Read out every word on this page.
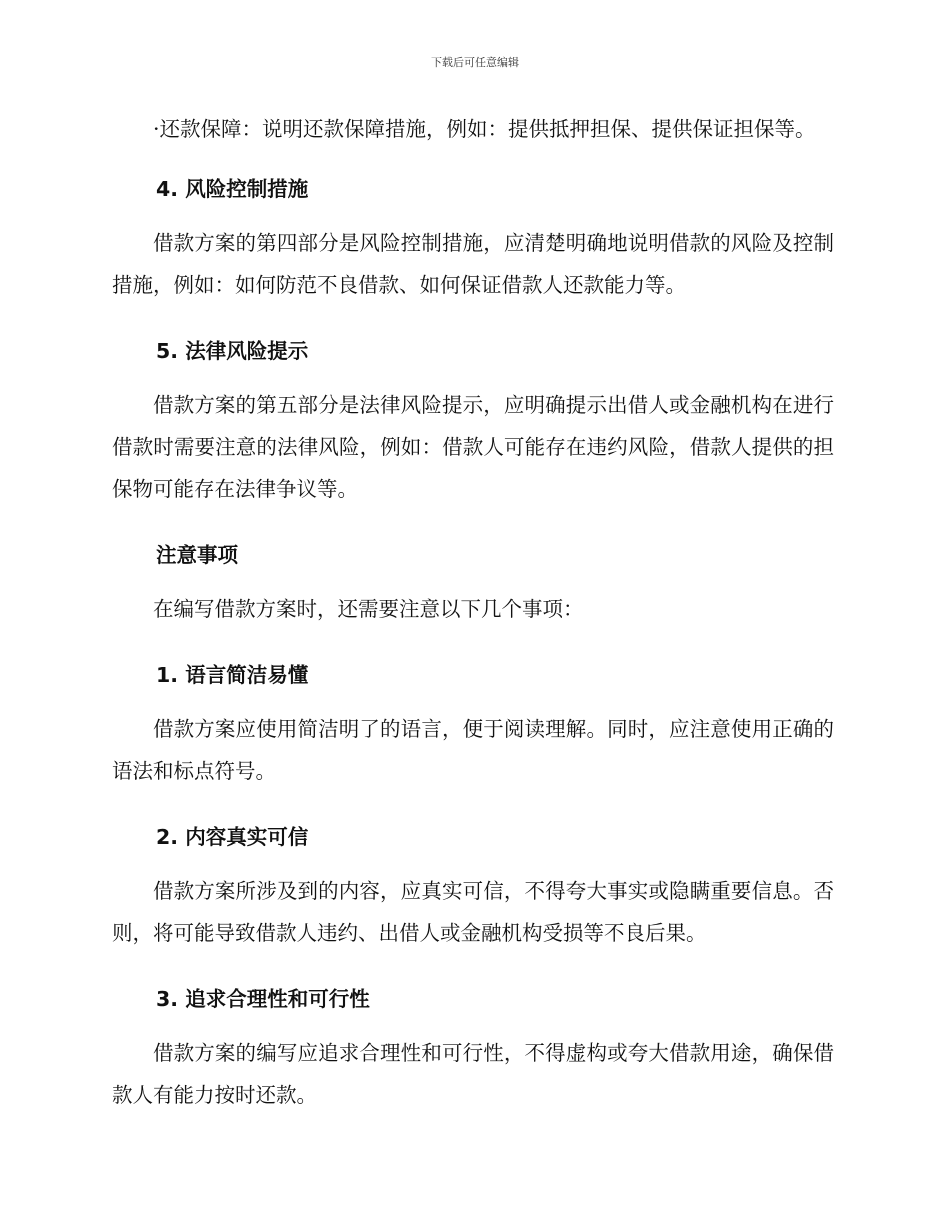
下载后可任意编辑

·还款保障：说明还款保障措施，例如：提供抵押担保、提供保证担保等。

4. 风险控制措施

借款方案的第四部分是风险控制措施，应清楚明确地说明借款的风险及控制措施，例如：如何防范不良借款、如何保证借款人还款能力等。

5. 法律风险提示

借款方案的第五部分是法律风险提示，应明确提示出借人或金融机构在进行借款时需要注意的法律风险，例如：借款人可能存在违约风险，借款人提供的担保物可能存在法律争议等。

注意事项

在编写借款方案时，还需要注意以下几个事项：

1. 语言简洁易懂

借款方案应使用简洁明了的语言，便于阅读理解。同时，应注意使用正确的语法和标点符号。

2. 内容真实可信

借款方案所涉及到的内容，应真实可信，不得夸大事实或隐瞒重要信息。否则，将可能导致借款人违约、出借人或金融机构受损等不良后果。

3. 追求合理性和可行性

借款方案的编写应追求合理性和可行性，不得虚构或夸大借款用途，确保借款人有能力按时还款。
